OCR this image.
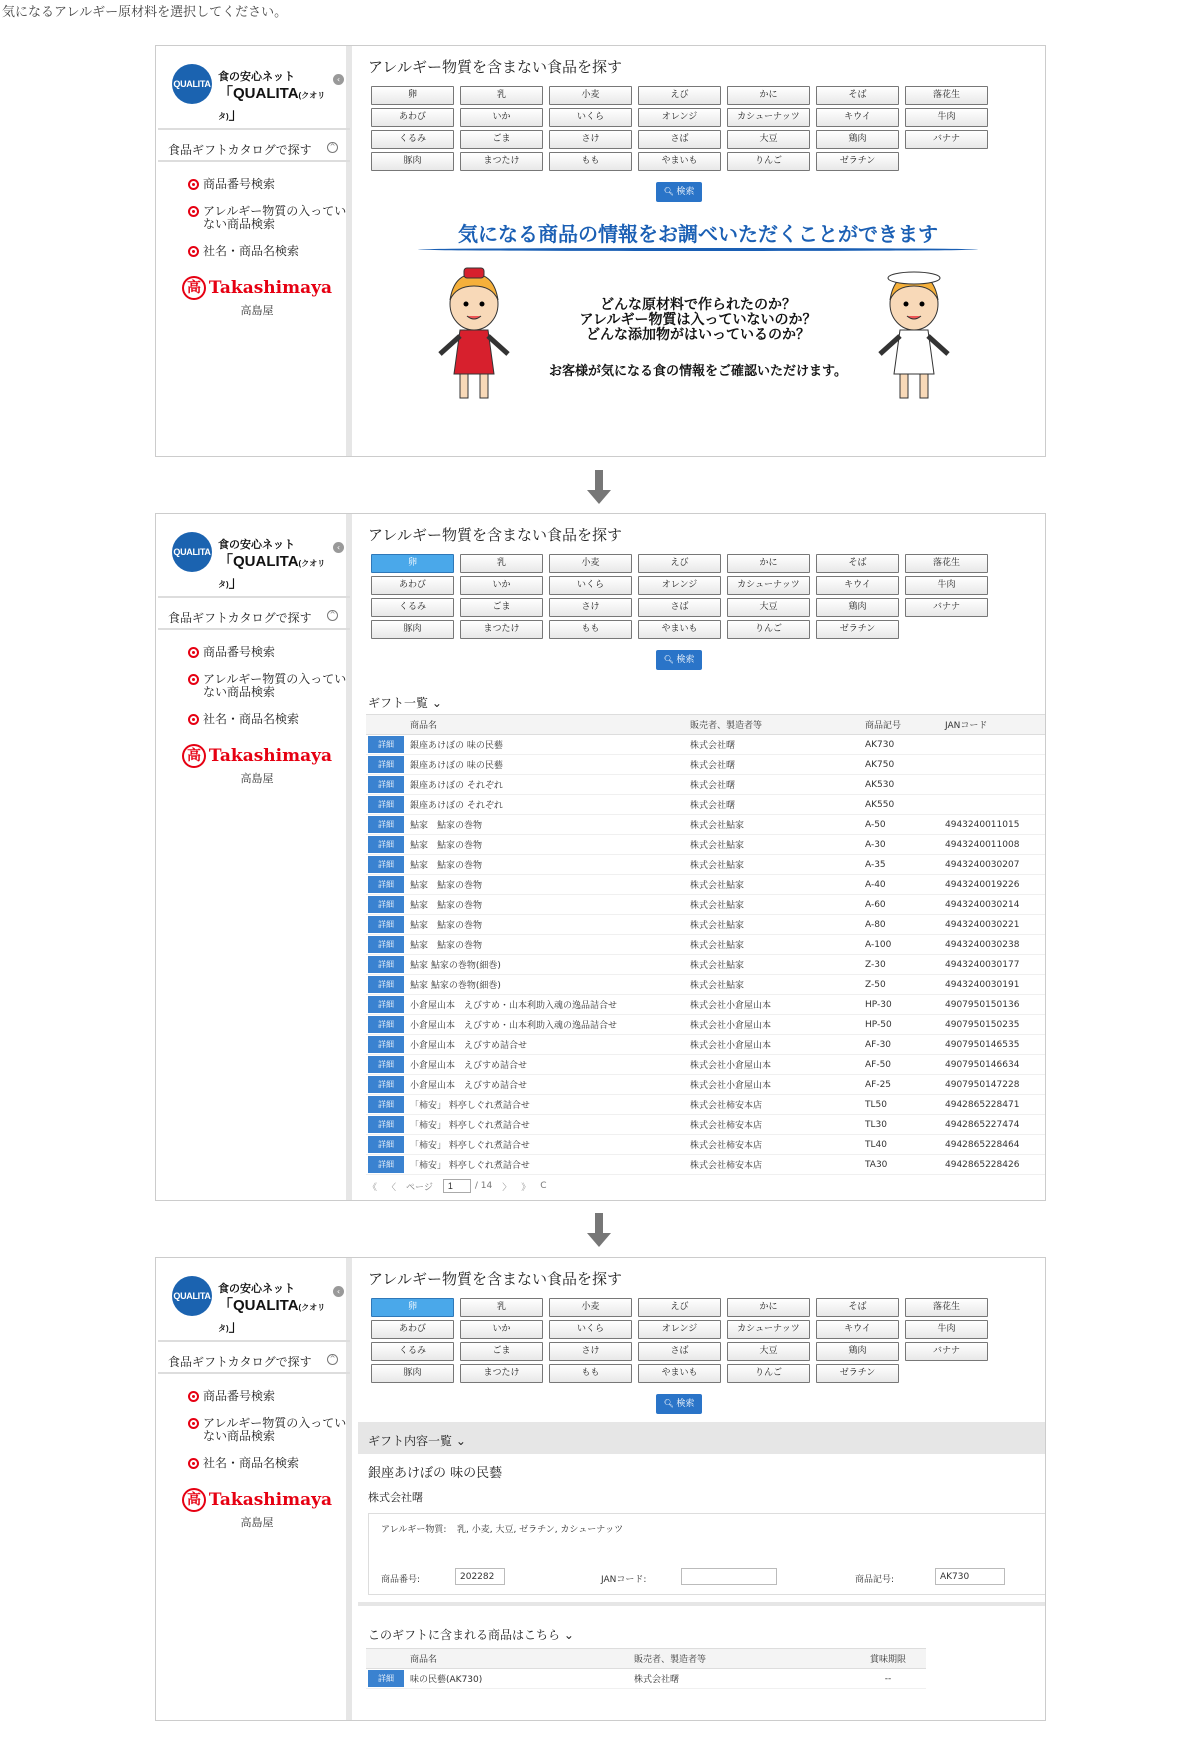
気になるアレルギー原材料を選択してください。
QUALITA
食の安心ネット
「QUALITA(クオリタ)」
‹
食品ギフトカタログで探す	^
商品番号検索
アレルギー物質の入っていない商品検索
社名・商品名検索
高 Takashimaya
高島屋
アレルギー物質を含まない食品を探す
卵	乳	小麦	えび	かに	そば	落花生
あわび	いか	いくら	オレンジ	カシューナッツ	キウイ	牛肉
くるみ	ごま	さけ	さば	大豆	鶏肉	バナナ
豚肉	まつたけ	もも	やまいも	りんご	ゼラチン
🔍︎ 検索
気になる商品の情報をお調べいただくことができます
どんな原材料で作られたのか？
アレルギー物質は入っていないのか？
どんな添加物がはいっているのか？
お客様が気になる食の情報をご確認いただけます。
QUALITA
食の安心ネット
「QUALITA(クオリタ)」
‹
食品ギフトカタログで探す	^
商品番号検索
アレルギー物質の入っていない商品検索
社名・商品名検索
高 Takashimaya
高島屋
アレルギー物質を含まない食品を探す
卵	乳	小麦	えび	かに	そば	落花生
あわび	いか	いくら	オレンジ	カシューナッツ	キウイ	牛肉
くるみ	ごま	さけ	さば	大豆	鶏肉	バナナ
豚肉	まつたけ	もも	やまいも	りんご	ゼラチン
🔍︎ 検索
ギフト一覧 ⌄
商品名	販売者、製造者等	商品記号	JANコード
詳細	銀座あけぼの 味の民藝	株式会社曙	AK730
詳細	銀座あけぼの 味の民藝	株式会社曙	AK750
詳細	銀座あけぼの それぞれ	株式会社曙	AK530
詳細	銀座あけぼの それぞれ	株式会社曙	AK550
詳細	鮎家　鮎家の巻物	株式会社鮎家	A-50	4943240011015
詳細	鮎家　鮎家の巻物	株式会社鮎家	A-30	4943240011008
詳細	鮎家　鮎家の巻物	株式会社鮎家	A-35	4943240030207
詳細	鮎家　鮎家の巻物	株式会社鮎家	A-40	4943240019226
詳細	鮎家　鮎家の巻物	株式会社鮎家	A-60	4943240030214
詳細	鮎家　鮎家の巻物	株式会社鮎家	A-80	4943240030221
詳細	鮎家　鮎家の巻物	株式会社鮎家	A-100	4943240030238
詳細	鮎家 鮎家の巻物(細巻)	株式会社鮎家	Z-30	4943240030177
詳細	鮎家 鮎家の巻物(細巻)	株式会社鮎家	Z-50	4943240030191
詳細	小倉屋山本　えびすめ・山本利助入魂の逸品詰合せ	株式会社小倉屋山本	HP-30	4907950150136
詳細	小倉屋山本　えびすめ・山本利助入魂の逸品詰合せ	株式会社小倉屋山本	HP-50	4907950150235
詳細	小倉屋山本　えびすめ詰合せ	株式会社小倉屋山本	AF-30	4907950146535
詳細	小倉屋山本　えびすめ詰合せ	株式会社小倉屋山本	AF-50	4907950146634
詳細	小倉屋山本　えびすめ詰合せ	株式会社小倉屋山本	AF-25	4907950147228
詳細	「柿安」 料亭しぐれ煮詰合せ	株式会社柿安本店	TL50	4942865228471
詳細	「柿安」 料亭しぐれ煮詰合せ	株式会社柿安本店	TL30	4942865227474
詳細	「柿安」 料亭しぐれ煮詰合せ	株式会社柿安本店	TL40	4942865228464
詳細	「柿安」 料亭しぐれ煮詰合せ	株式会社柿安本店	TA30	4942865228426
《 〈 ページ
1	/ 14 〉 》 C
QUALITA
食の安心ネット
「QUALITA(クオリタ)」
‹
食品ギフトカタログで探す	^
商品番号検索
アレルギー物質の入っていない商品検索
社名・商品名検索
高 Takashimaya
高島屋
アレルギー物質を含まない食品を探す
卵	乳	小麦	えび	かに	そば	落花生
あわび	いか	いくら	オレンジ	カシューナッツ	キウイ	牛肉
くるみ	ごま	さけ	さば	大豆	鶏肉	バナナ
豚肉	まつたけ	もも	やまいも	りんご	ゼラチン
🔍︎ 検索
ギフト内容一覧 ⌄
銀座あけぼの 味の民藝
株式会社曙
アレルギー物質: 乳, 小麦, 大豆, ゼラチン, カシューナッツ
商品番号:	202282	JANコード:	商品記号:	AK730
このギフトに含まれる商品はこちら ⌄
商品名	販売者、製造者等	賞味期限
詳細	味の民藝(AK730)	株式会社曙	--
